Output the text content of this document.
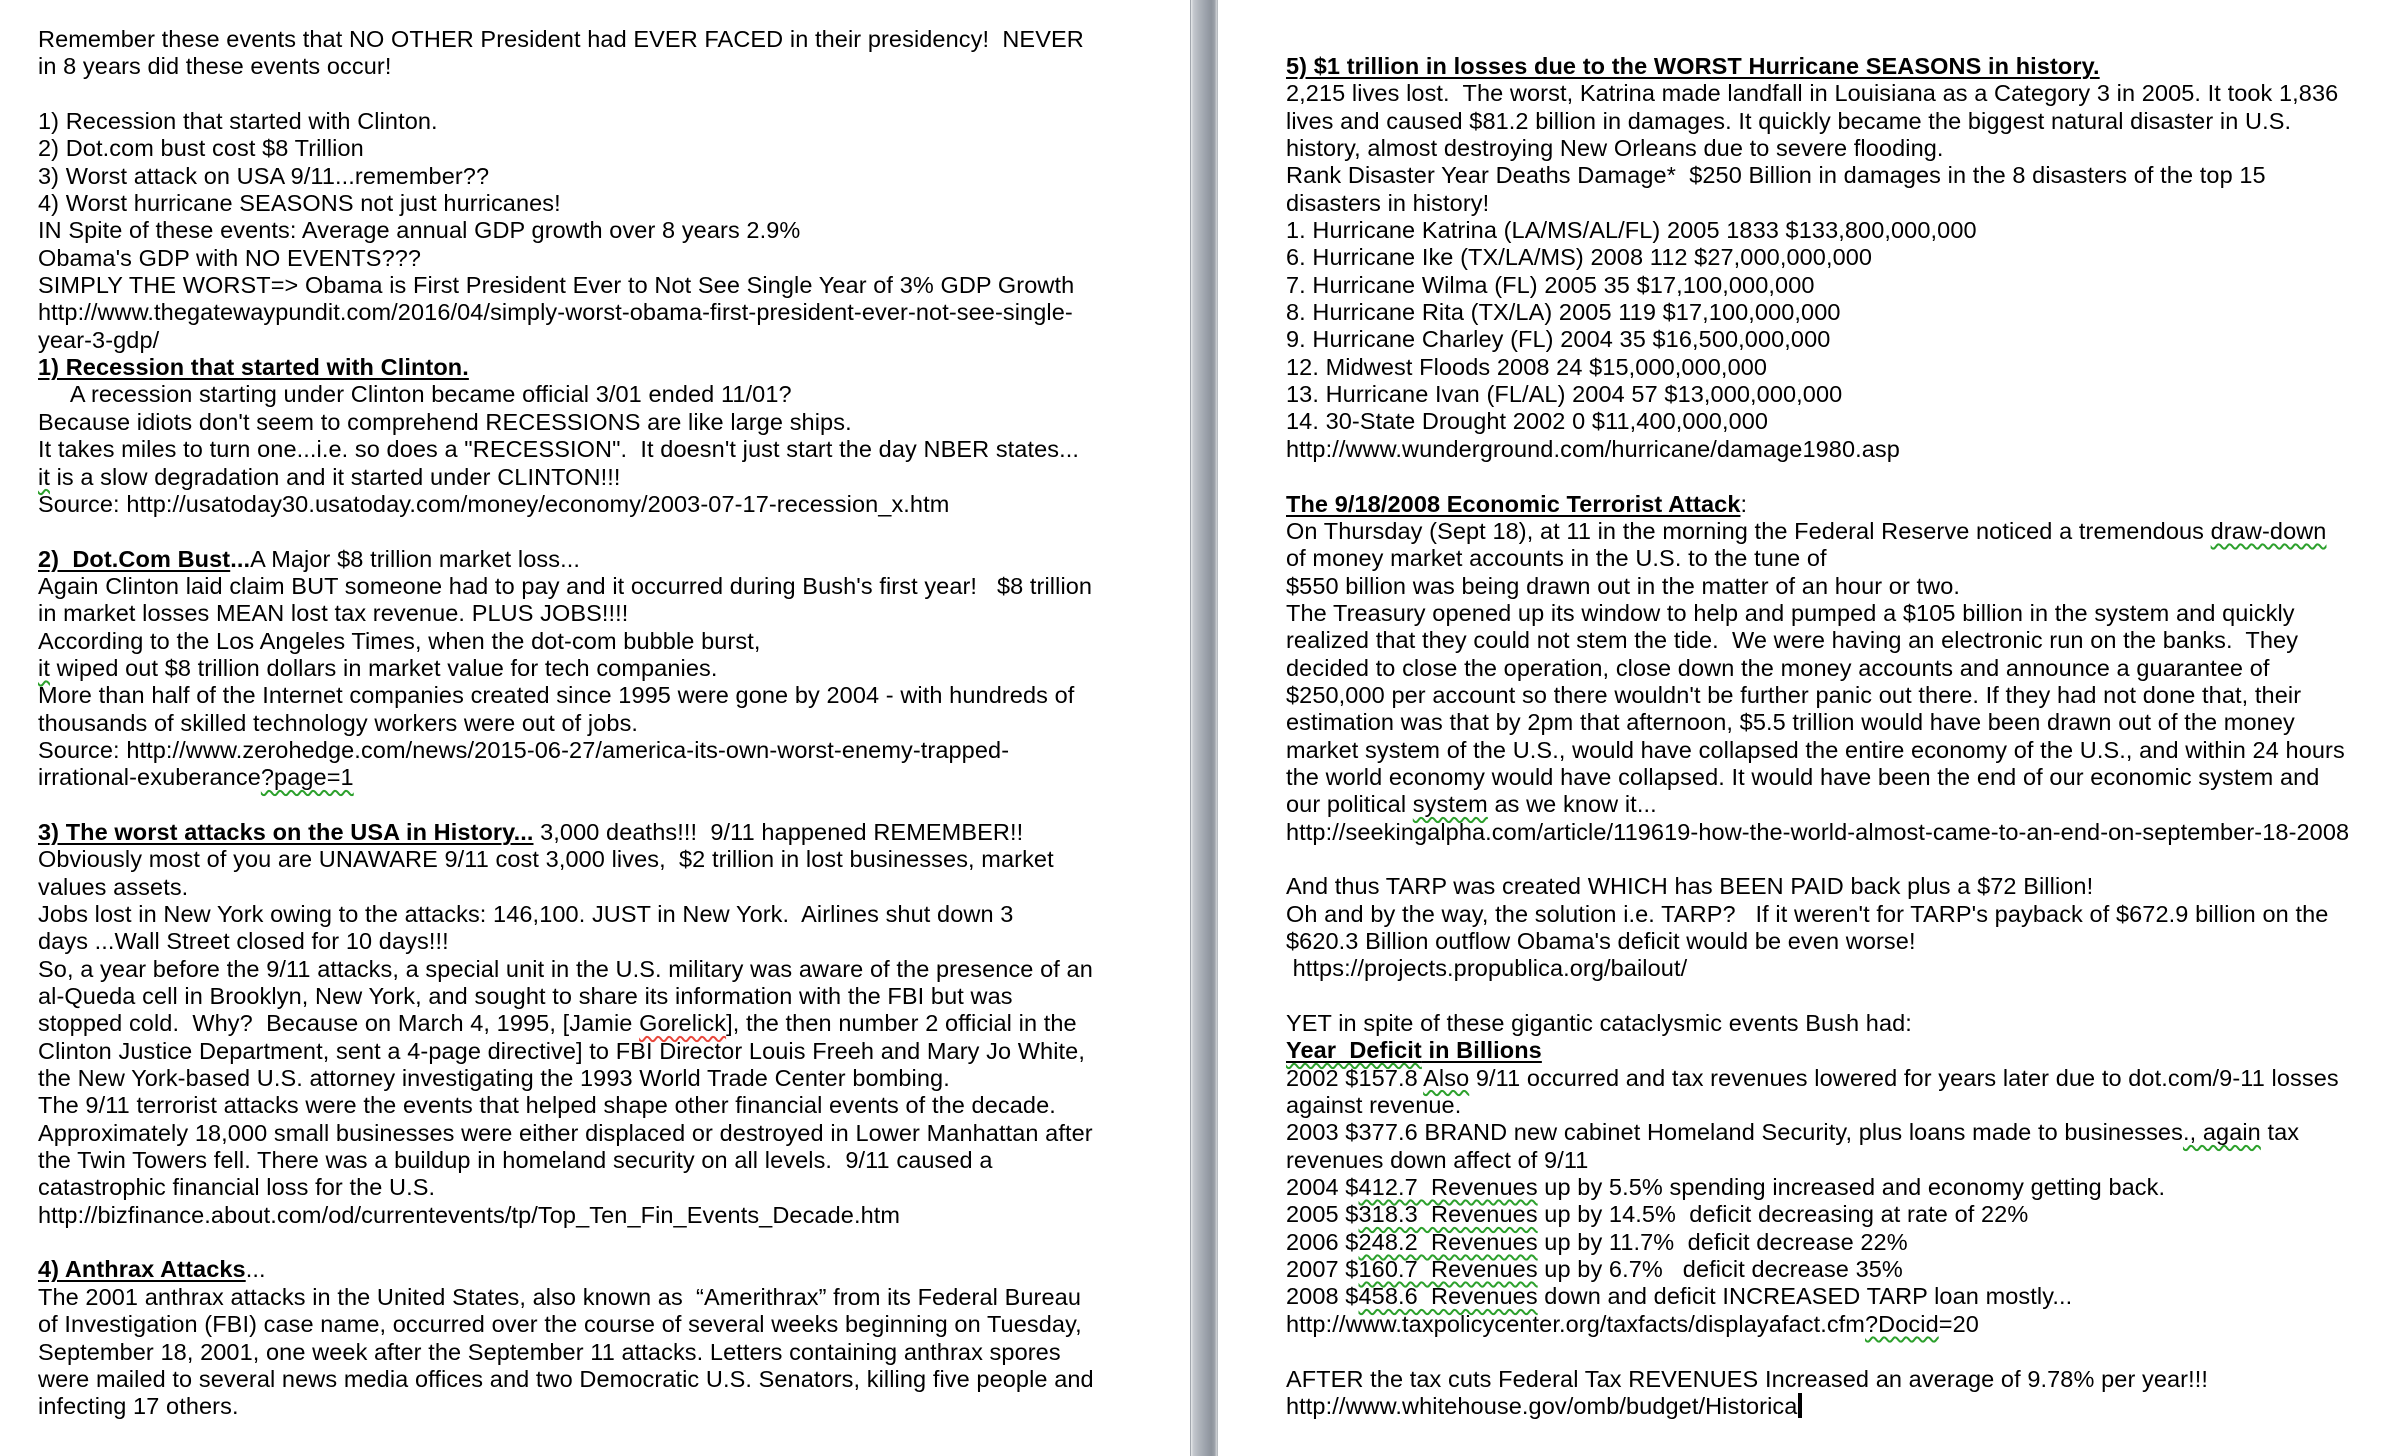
Remember these events that NO OTHER President had EVER FACED in their presidency!  NEVER
in 8 years did these events occur!
1) Recession that started with Clinton.
2) Dot.com bust cost $8 Trillion
3) Worst attack on USA 9/11...remember??
4) Worst hurricane SEASONS not just hurricanes!
IN Spite of these events: Average annual GDP growth over 8 years 2.9%
Obama's GDP with NO EVENTS???
SIMPLY THE WORST=> Obama is First President Ever to Not See Single Year of 3% GDP Growth
http://www.thegatewaypundit.com/2016/04/simply-worst-obama-first-president-ever-not-see-single-
year-3-gdp/
1) Recession that started with Clinton.
A recession starting under Clinton became official 3/01 ended 11/01?
Because idiots don't seem to comprehend RECESSIONS are like large ships.
It takes miles to turn one...i.e. so does a "RECESSION".  It doesn't just start the day NBER states...
it is a slow degradation and it started under CLINTON!!!
Source: http://usatoday30.usatoday.com/money/economy/2003-07-17-recession_x.htm
2)  Dot.Com Bust...A Major $8 trillion market loss...
Again Clinton laid claim BUT someone had to pay and it occurred during Bush's first year!   $8 trillion
in market losses MEAN lost tax revenue. PLUS JOBS!!!!
According to the Los Angeles Times, when the dot-com bubble burst,
it wiped out $8 trillion dollars in market value for tech companies.
More than half of the Internet companies created since 1995 were gone by 2004 - with hundreds of
thousands of skilled technology workers were out of jobs.
Source: http://www.zerohedge.com/news/2015-06-27/america-its-own-worst-enemy-trapped-
irrational-exuberance?page=1
3) The worst attacks on the USA in History... 3,000 deaths!!!  9/11 happened REMEMBER!!
Obviously most of you are UNAWARE 9/11 cost 3,000 lives,  $2 trillion in lost businesses, market
values assets.
Jobs lost in New York owing to the attacks: 146,100. JUST in New York.  Airlines shut down 3
days ...Wall Street closed for 10 days!!!
So, a year before the 9/11 attacks, a special unit in the U.S. military was aware of the presence of an
al-Queda cell in Brooklyn, New York, and sought to share its information with the FBI but was
stopped cold.  Why?  Because on March 4, 1995, [Jamie Gorelick], the then number 2 official in the
Clinton Justice Department, sent a 4-page directive] to FBI Director Louis Freeh and Mary Jo White,
the New York-based U.S. attorney investigating the 1993 World Trade Center bombing.
The 9/11 terrorist attacks were the events that helped shape other financial events of the decade.
Approximately 18,000 small businesses were either displaced or destroyed in Lower Manhattan after
the Twin Towers fell. There was a buildup in homeland security on all levels.  9/11 caused a
catastrophic financial loss for the U.S.
http://bizfinance.about.com/od/currentevents/tp/Top_Ten_Fin_Events_Decade.htm
4) Anthrax Attacks...
The 2001 anthrax attacks in the United States, also known as  “Amerithrax” from its Federal Bureau
of Investigation (FBI) case name, occurred over the course of several weeks beginning on Tuesday,
September 18, 2001, one week after the September 11 attacks. Letters containing anthrax spores
were mailed to several news media offices and two Democratic U.S. Senators, killing five people and
infecting 17 others.
5) $1 trillion in losses due to the WORST Hurricane SEASONS in history.
2,215 lives lost.  The worst, Katrina made landfall in Louisiana as a Category 3 in 2005. It took 1,836
lives and caused $81.2 billion in damages. It quickly became the biggest natural disaster in U.S.
history, almost destroying New Orleans due to severe flooding.
Rank Disaster Year Deaths Damage*  $250 Billion in damages in the 8 disasters of the top 15
disasters in history!
1. Hurricane Katrina (LA/MS/AL/FL) 2005 1833 $133,800,000,000
6. Hurricane Ike (TX/LA/MS) 2008 112 $27,000,000,000
7. Hurricane Wilma (FL) 2005 35 $17,100,000,000
8. Hurricane Rita (TX/LA) 2005 119 $17,100,000,000
9. Hurricane Charley (FL) 2004 35 $16,500,000,000
12. Midwest Floods 2008 24 $15,000,000,000
13. Hurricane Ivan (FL/AL) 2004 57 $13,000,000,000
14. 30-State Drought 2002 0 $11,400,000,000
http://www.wunderground.com/hurricane/damage1980.asp
The 9/18/2008 Economic Terrorist Attack:
On Thursday (Sept 18), at 11 in the morning the Federal Reserve noticed a tremendous draw-down
of money market accounts in the U.S. to the tune of
$550 billion was being drawn out in the matter of an hour or two.
The Treasury opened up its window to help and pumped a $105 billion in the system and quickly
realized that they could not stem the tide.  We were having an electronic run on the banks.  They
decided to close the operation, close down the money accounts and announce a guarantee of
$250,000 per account so there wouldn't be further panic out there. If they had not done that, their
estimation was that by 2pm that afternoon, $5.5 trillion would have been drawn out of the money
market system of the U.S., would have collapsed the entire economy of the U.S., and within 24 hours
the world economy would have collapsed. It would have been the end of our economic system and
our political system as we know it...
http://seekingalpha.com/article/119619-how-the-world-almost-came-to-an-end-on-september-18-2008
And thus TARP was created WHICH has BEEN PAID back plus a $72 Billion!
Oh and by the way, the solution i.e. TARP?   If it weren't for TARP's payback of $672.9 billion on the
$620.3 Billion outflow Obama's deficit would be even worse!
https://projects.propublica.org/bailout/
YET in spite of these gigantic cataclysmic events Bush had:
Year  Deficit in Billions
2002 $157.8 Also 9/11 occurred and tax revenues lowered for years later due to dot.com/9-11 losses
against revenue.
2003 $377.6 BRAND new cabinet Homeland Security, plus loans made to businesses., again tax
revenues down affect of 9/11
2004 $412.7  Revenues up by 5.5% spending increased and economy getting back.
2005 $318.3  Revenues up by 14.5%  deficit decreasing at rate of 22%
2006 $248.2  Revenues up by 11.7%  deficit decrease 22%
2007 $160.7  Revenues up by 6.7%   deficit decrease 35%
2008 $458.6  Revenues down and deficit INCREASED TARP loan mostly...
http://www.taxpolicycenter.org/taxfacts/displayafact.cfm?Docid=20
AFTER the tax cuts Federal Tax REVENUES Increased an average of 9.78% per year!!!
http://www.whitehouse.gov/omb/budget/Historica
